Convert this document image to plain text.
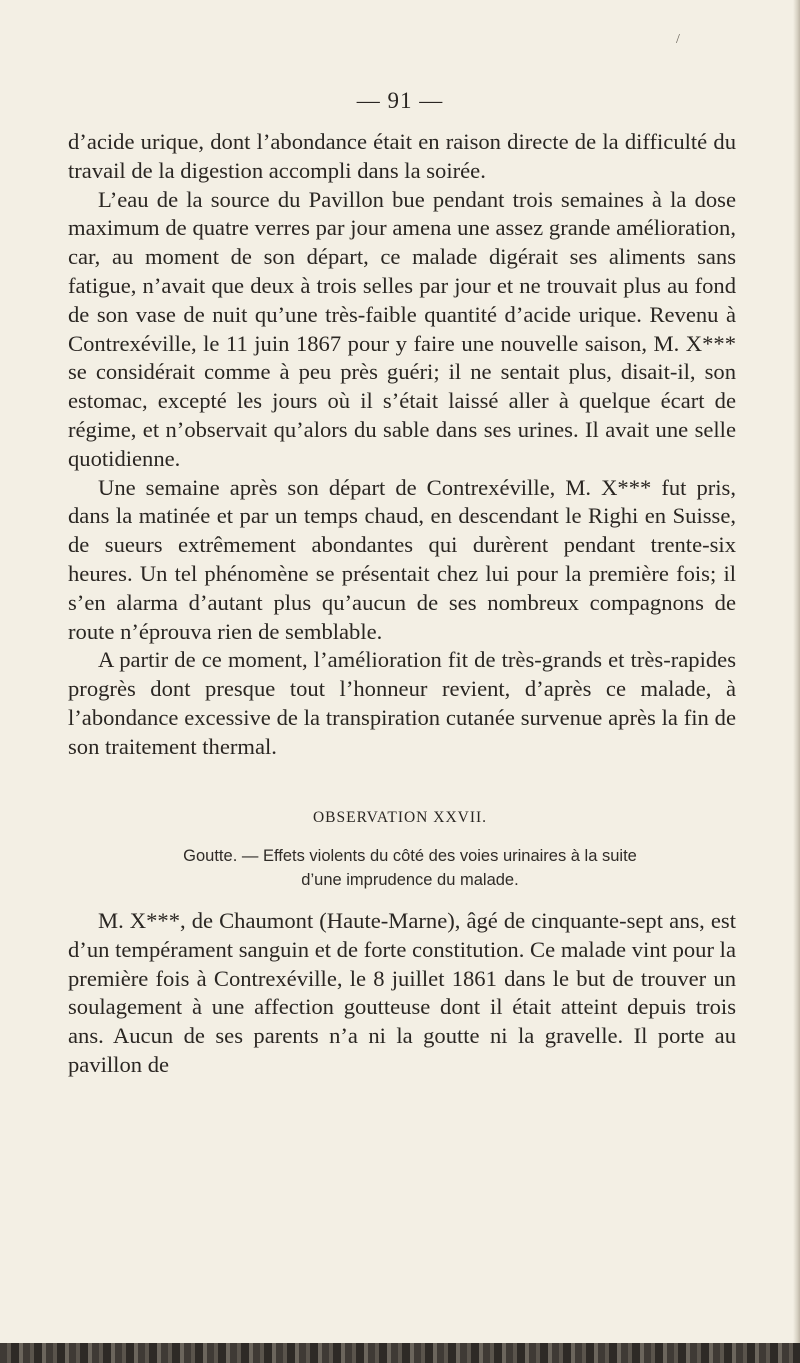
/
— 91 —

d’acide urique, dont l’abondance était en raison directe de la difficulté du travail de la digestion accompli dans la soirée.

L’eau de la source du Pavillon bue pendant trois semaines à la dose maximum de quatre verres par jour amena une assez grande amélioration, car, au moment de son départ, ce malade digérait ses aliments sans fatigue, n’avait que deux à trois selles par jour et ne trouvait plus au fond de son vase de nuit qu’une très-faible quantité d’acide urique. Revenu à Contrexéville, le 11 juin 1867 pour y faire une nouvelle saison, M. X*** se considérait comme à peu près guéri; il ne sentait plus, disait-il, son estomac, excepté les jours où il s’était laissé aller à quelque écart de régime, et n’observait qu’alors du sable dans ses urines. Il avait une selle quotidienne.

Une semaine après son départ de Contrexéville, M. X*** fut pris, dans la matinée et par un temps chaud, en descendant le Righi en Suisse, de sueurs extrêmement abondantes qui durèrent pendant trente-six heures. Un tel phénomène se présentait chez lui pour la première fois; il s’en alarma d’autant plus qu’aucun de ses nombreux compagnons de route n’éprouva rien de semblable.

A partir de ce moment, l’amélioration fit de très-grands et très-rapides progrès dont presque tout l’honneur revient, d’après ce malade, à l’abondance excessive de la transpiration cutanée survenue après la fin de son traitement thermal.

OBSERVATION XXVII.
Goutte. — Effets violents du côté des voies urinaires à la suite
d’une imprudence du malade.

M. X***, de Chaumont (Haute-Marne), âgé de cinquante-sept ans, est d’un tempérament sanguin et de forte constitution. Ce malade vint pour la première fois à Contrexéville, le 8 juillet 1861 dans le but de trouver un soulagement à une affection goutteuse dont il était atteint depuis trois ans. Aucun de ses parents n’a ni la goutte ni la gravelle. Il porte au pavillon de
